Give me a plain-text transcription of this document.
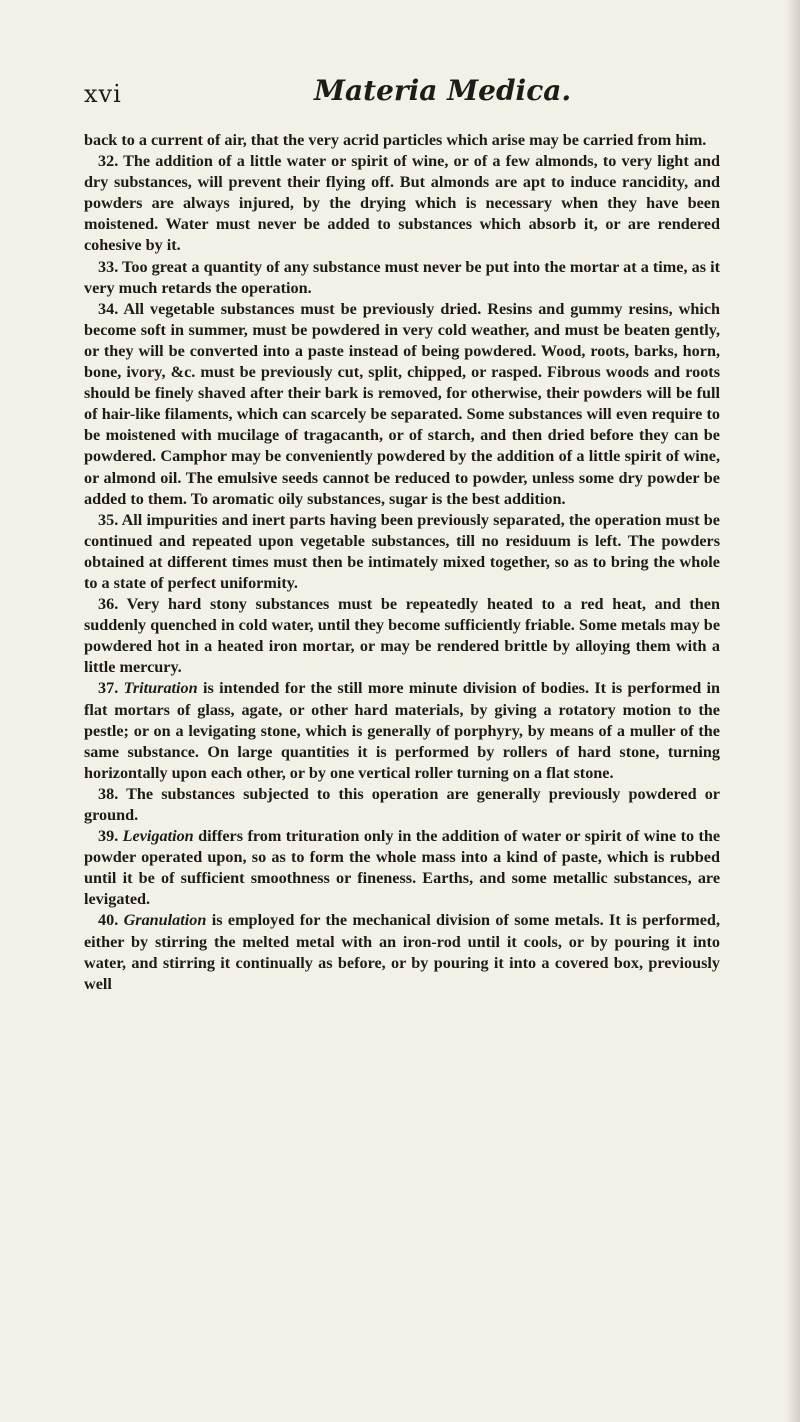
xvi	Materia Medica.

back to a current of air, that the very acrid particles which arise may be carried from him.

32. The addition of a little water or spirit of wine, or of a few almonds, to very light and dry substances, will prevent their flying off. But almonds are apt to induce rancidity, and powders are always injured, by the drying which is necessary when they have been moistened. Water must never be added to substances which absorb it, or are rendered cohesive by it.

33. Too great a quantity of any substance must never be put into the mortar at a time, as it very much retards the operation.

34. All vegetable substances must be previously dried. Resins and gummy resins, which become soft in summer, must be powdered in very cold weather, and must be beaten gently, or they will be converted into a paste instead of being powdered. Wood, roots, barks, horn, bone, ivory, &c. must be previously cut, split, chipped, or rasped. Fibrous woods and roots should be finely shaved after their bark is removed, for otherwise, their powders will be full of hair-like filaments, which can scarcely be separated. Some substances will even require to be moistened with mucilage of tragacanth, or of starch, and then dried before they can be powdered. Camphor may be conveniently powdered by the addition of a little spirit of wine, or almond oil. The emulsive seeds cannot be reduced to powder, unless some dry powder be added to them. To aromatic oily substances, sugar is the best addition.

35. All impurities and inert parts having been previously separated, the operation must be continued and repeated upon vegetable substances, till no residuum is left. The powders obtained at different times must then be intimately mixed together, so as to bring the whole to a state of perfect uniformity.

36. Very hard stony substances must be repeatedly heated to a red heat, and then suddenly quenched in cold water, until they become sufficiently friable. Some metals may be powdered hot in a heated iron mortar, or may be rendered brittle by alloying them with a little mercury.

37. Trituration is intended for the still more minute division of bodies. It is performed in flat mortars of glass, agate, or other hard materials, by giving a rotatory motion to the pestle; or on a levigating stone, which is generally of porphyry, by means of a muller of the same substance. On large quantities it is performed by rollers of hard stone, turning horizontally upon each other, or by one vertical roller turning on a flat stone.

38. The substances subjected to this operation are generally previously powdered or ground.

39. Levigation differs from trituration only in the addition of water or spirit of wine to the powder operated upon, so as to form the whole mass into a kind of paste, which is rubbed until it be of sufficient smoothness or fineness. Earths, and some metallic substances, are levigated.

40. Granulation is employed for the mechanical division of some metals. It is performed, either by stirring the melted metal with an iron-rod until it cools, or by pouring it into water, and stirring it continually as before, or by pouring it into a covered box, previously well
